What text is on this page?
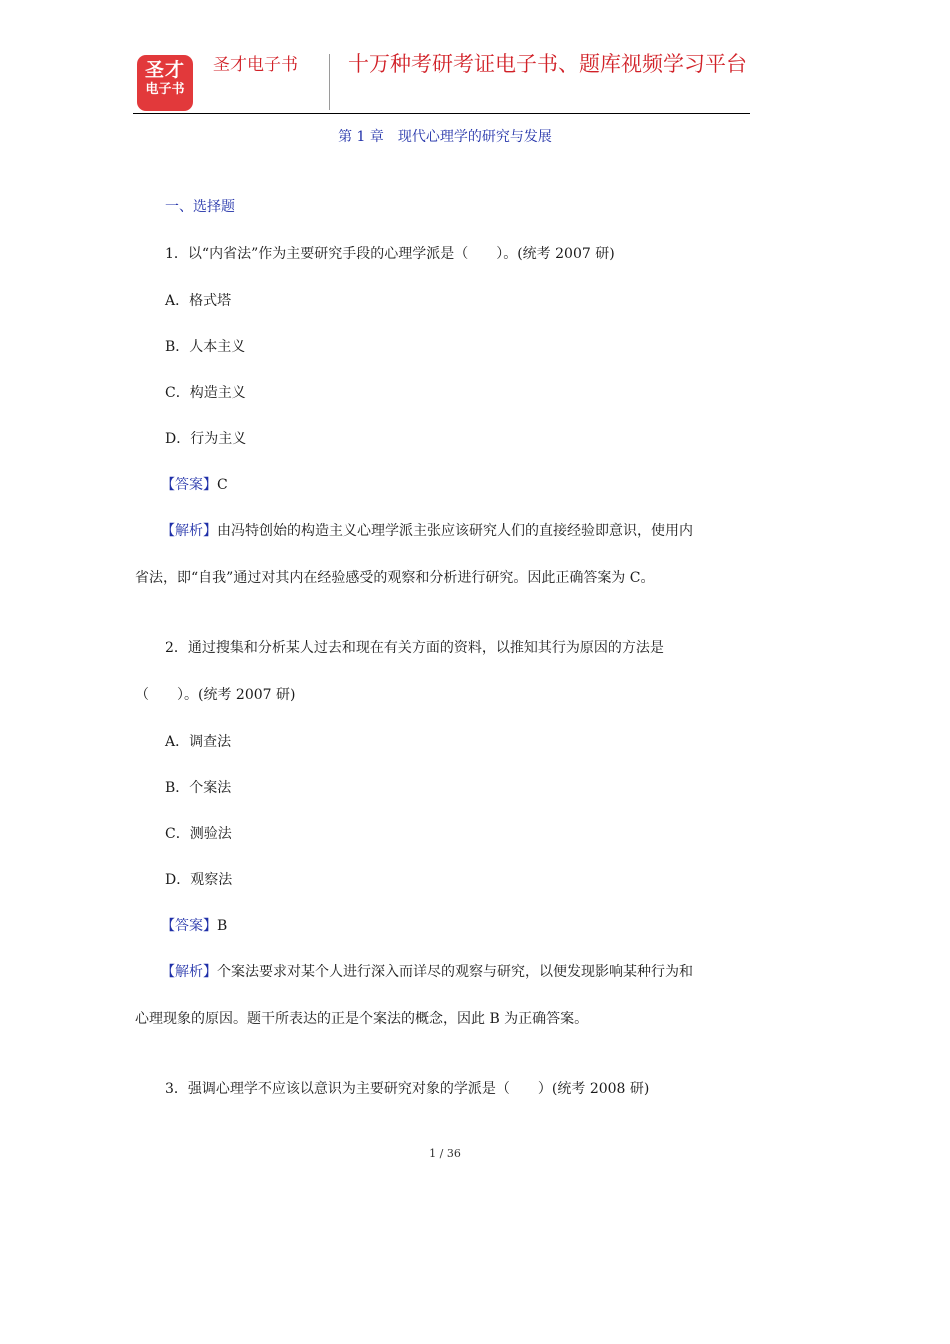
圣才
电子书
圣才电子书 十万种考研考证电子书、题库视频学习平台
第 1 章　现代心理学的研究与发展
一、选择题
1．以“内省法”作为主要研究手段的心理学派是（　　）。(统考 2007 研)
A．格式塔
B．人本主义
C．构造主义
D．行为主义
【答案】C
【解析】由冯特创始的构造主义心理学派主张应该研究人们的直接经验即意识，使用内
省法，即“自我”通过对其内在经验感受的观察和分析进行研究。因此正确答案为 C。
2．通过搜集和分析某人过去和现在有关方面的资料，以推知其行为原因的方法是
（　　）。(统考 2007 研)
A．调查法
B．个案法
C．测验法
D．观察法
【答案】B
【解析】个案法要求对某个人进行深入而详尽的观察与研究，以便发现影响某种行为和
心理现象的原因。题干所表达的正是个案法的概念，因此 B 为正确答案。
3．强调心理学不应该以意识为主要研究对象的学派是（　　）(统考 2008 研)
1 / 36
